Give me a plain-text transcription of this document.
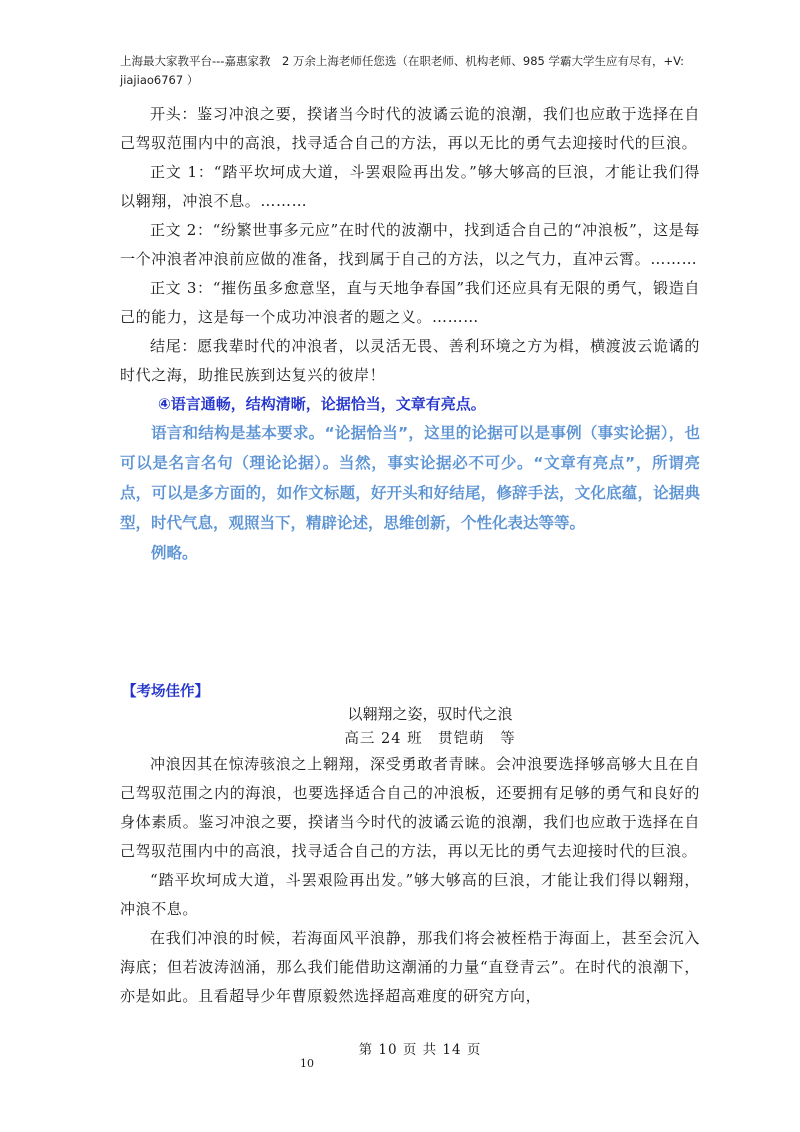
上海最大家教平台---嘉惠家教　2 万余上海老师任您选（在职老师、机构老师、985 学霸大学生应有尽有，+V: jiajiao6767 ）

开头：鉴习冲浪之要，揆诸当今时代的波谲云诡的浪潮，我们也应敢于选择在自己驾驭范围内中的高浪，找寻适合自己的方法，再以无比的勇气去迎接时代的巨浪。

正文 1：“踏平坎坷成大道，斗罢艰险再出发。”够大够高的巨浪，才能让我们得以翱翔，冲浪不息。………

正文 2：“纷繁世事多元应”在时代的波潮中，找到适合自己的“冲浪板”，这是每一个冲浪者冲浪前应做的准备，找到属于自己的方法，以之气力，直冲云霄。………

正文 3：“摧伤虽多愈意坚，直与天地争春国”我们还应具有无限的勇气，锻造自己的能力，这是每一个成功冲浪者的题之义。………

结尾：愿我辈时代的冲浪者，以灵活无畏、善利环境之方为楫，横渡波云诡谲的时代之海，助推民族到达复兴的彼岸！

④语言通畅，结构清晰，论据恰当，文章有亮点。

语言和结构是基本要求。“论据恰当”，这里的论据可以是事例（事实论据），也可以是名言名句（理论论据）。当然，事实论据必不可少。“文章有亮点”，所谓亮点，可以是多方面的，如作文标题，好开头和好结尾，修辞手法，文化底蕴，论据典型，时代气息，观照当下，精辟论述，思维创新，个性化表达等等。

例略。

【考场佳作】
以翱翔之姿，驭时代之浪
高三 24 班　贯铠萌　等

冲浪因其在惊涛骇浪之上翱翔，深受勇敢者青睐。会冲浪要选择够高够大且在自己驾驭范围之内的海浪，也要选择适合自己的冲浪板，还要拥有足够的勇气和良好的身体素质。鉴习冲浪之要，揆诸当今时代的波谲云诡的浪潮，我们也应敢于选择在自己驾驭范围内中的高浪，找寻适合自己的方法，再以无比的勇气去迎接时代的巨浪。

“踏平坎坷成大道，斗罢艰险再出发。”够大够高的巨浪，才能让我们得以翱翔，冲浪不息。

在我们冲浪的时候，若海面风平浪静，那我们将会被桎梏于海面上，甚至会沉入海底；但若波涛汹涌，那么我们能借助这潮涌的力量“直登青云”。在时代的浪潮下，亦是如此。且看超导少年曹原毅然选择超高难度的研究方向，

第 10 页 共 14 页
10
